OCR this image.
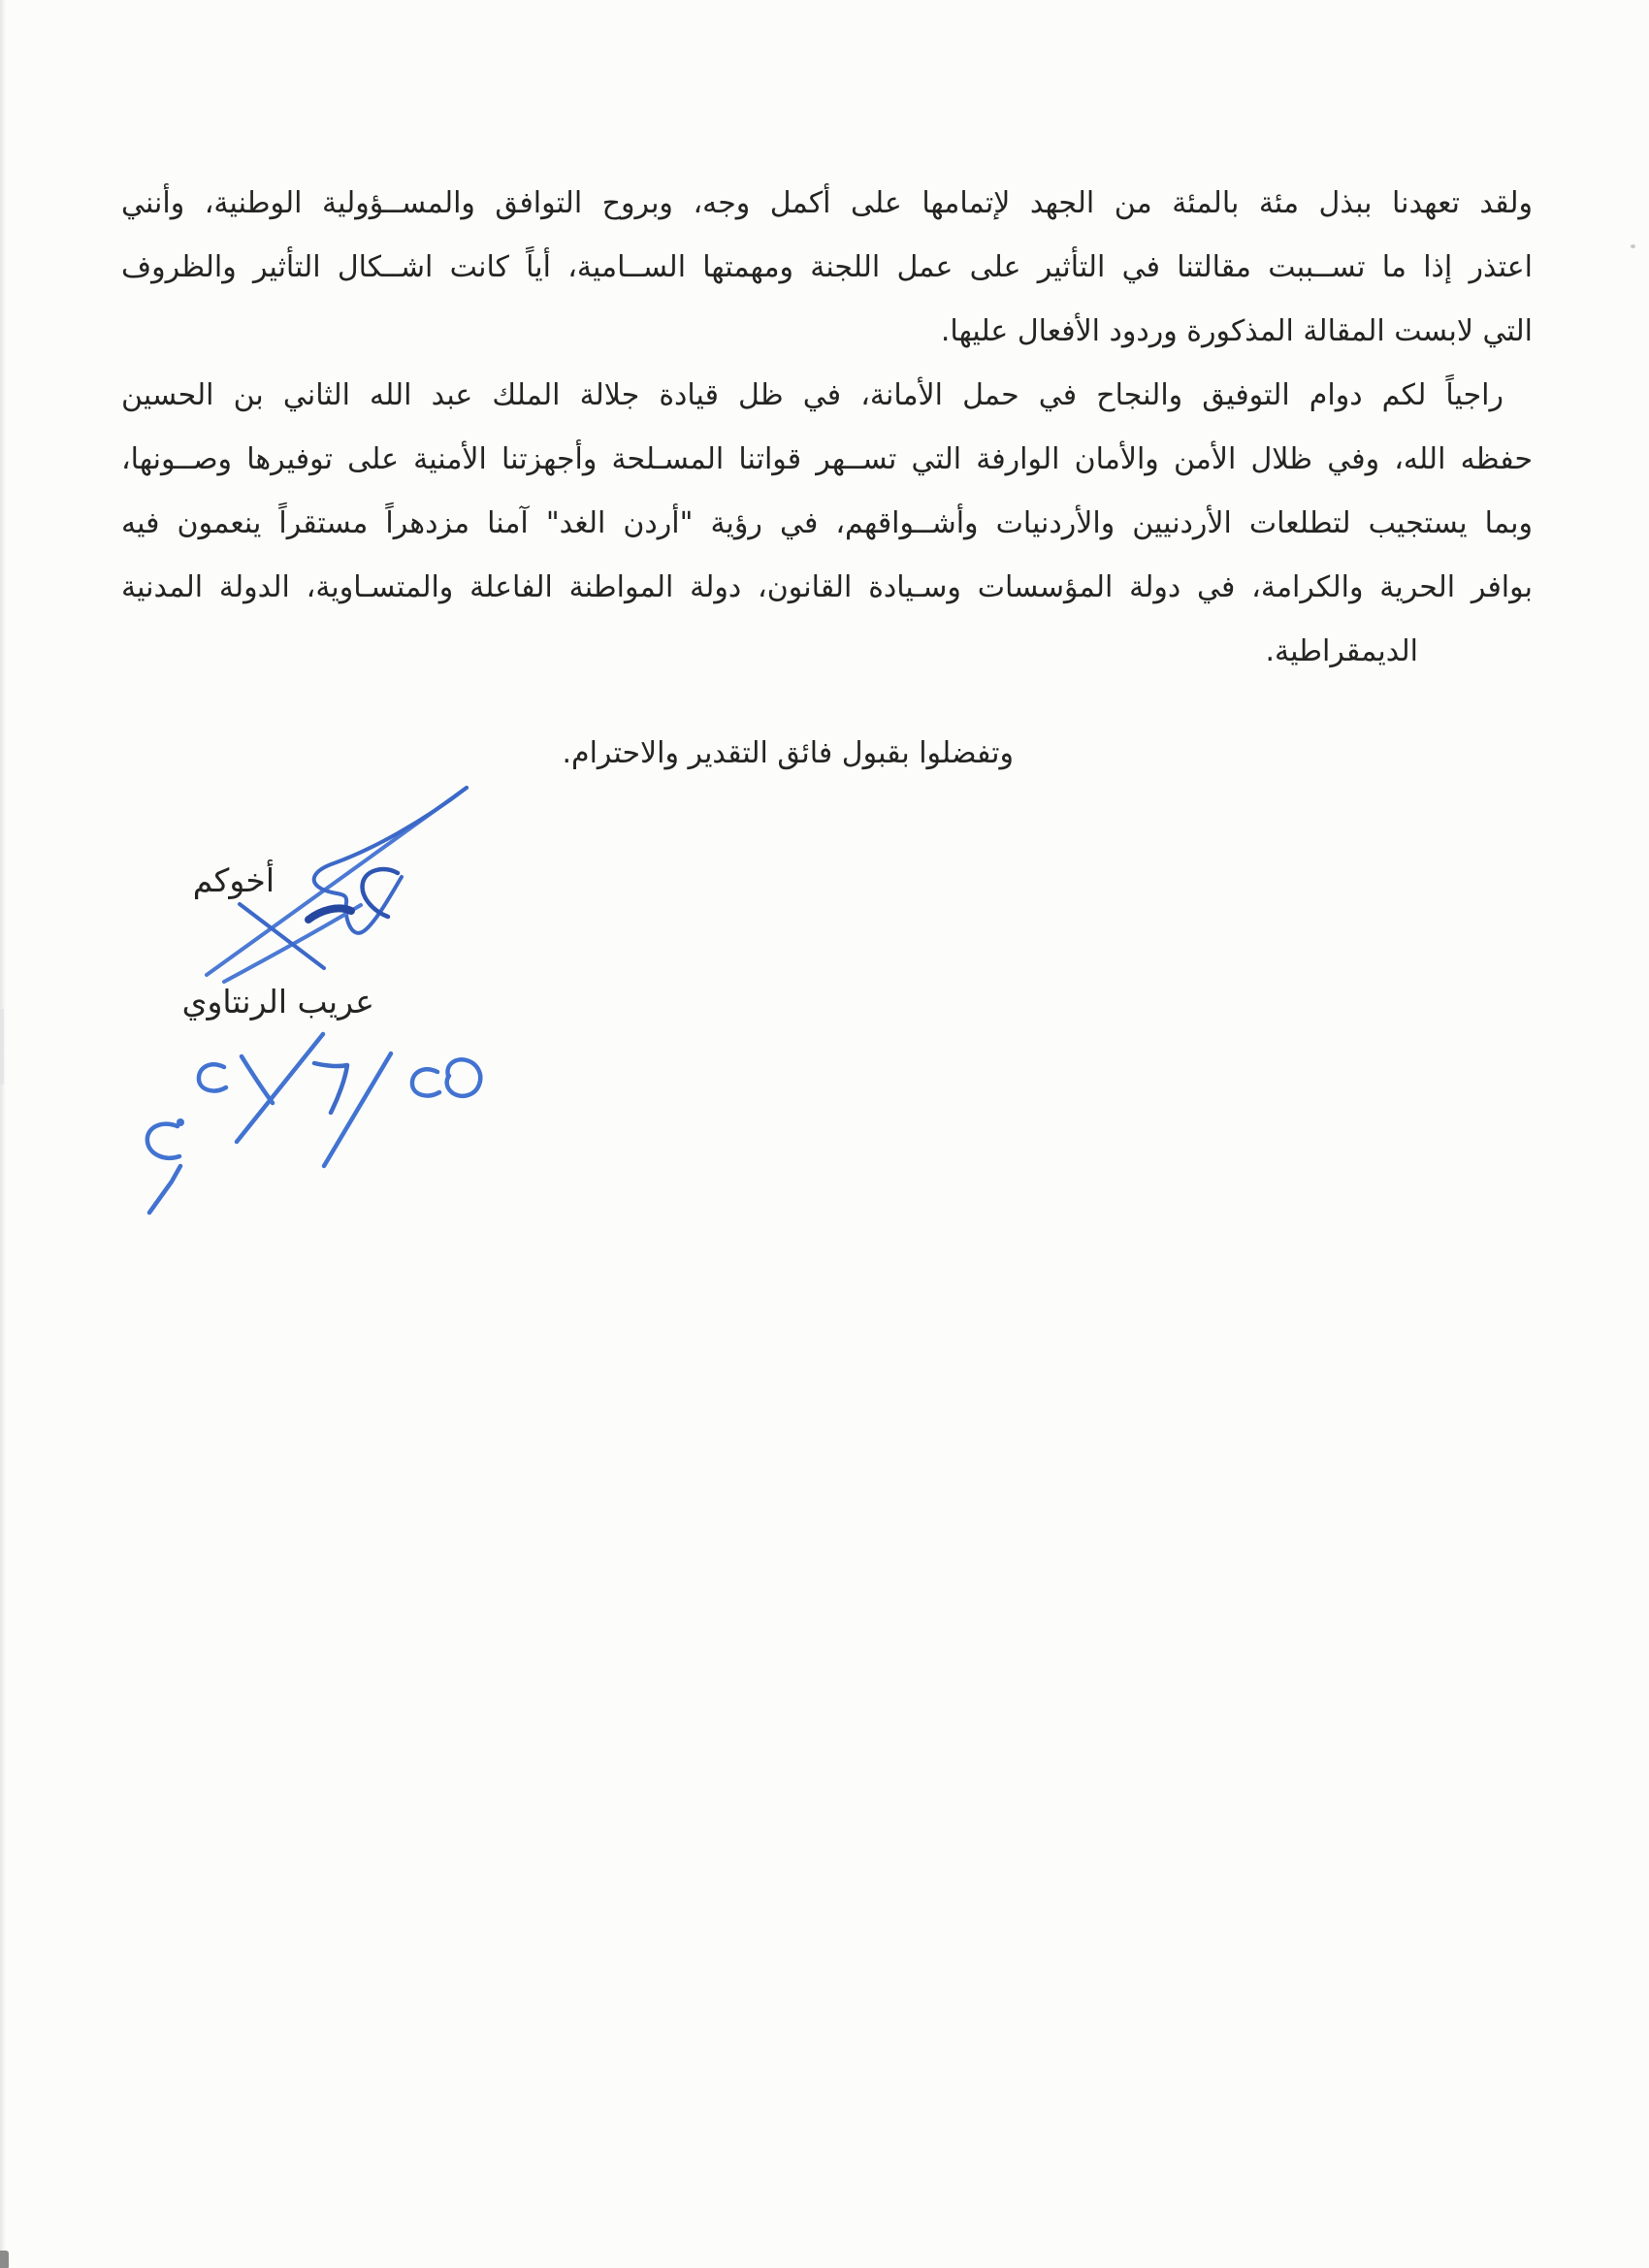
ولقد تعهدنا ببذل مئة بالمئة من الجهد لإتمامها على أكمل وجه، وبروح التوافق والمســؤولية الوطنية، وأنني
اعتذر إذا ما تســببت مقالتنا في التأثير على عمل اللجنة ومهمتها الســامية، أياً كانت اشــكال التأثير والظروف
التي لابست المقالة المذكورة وردود الأفعال عليها.
راجياً لكم دوام التوفيق والنجاح في حمل الأمانة، في ظل قيادة جلالة الملك عبد الله الثاني بن الحسين
حفظه الله، وفي ظلال الأمن والأمان الوارفة التي تســهر قواتنا المسـلحة وأجهزتنا الأمنية على توفيرها وصــونها،
وبما يستجيب لتطلعات الأردنيين والأردنيات وأشــواقهم، في رؤية "أردن الغد" آمنا مزدهراً مستقراً ينعمون فيه
بوافر الحرية والكرامة، في دولة المؤسسات وسـيادة القانون، دولة المواطنة الفاعلة والمتسـاوية، الدولة المدنية
الديمقراطية.
وتفضلوا بقبول فائق التقدير والاحترام.
أخوكم
عريب الرنتاوي
